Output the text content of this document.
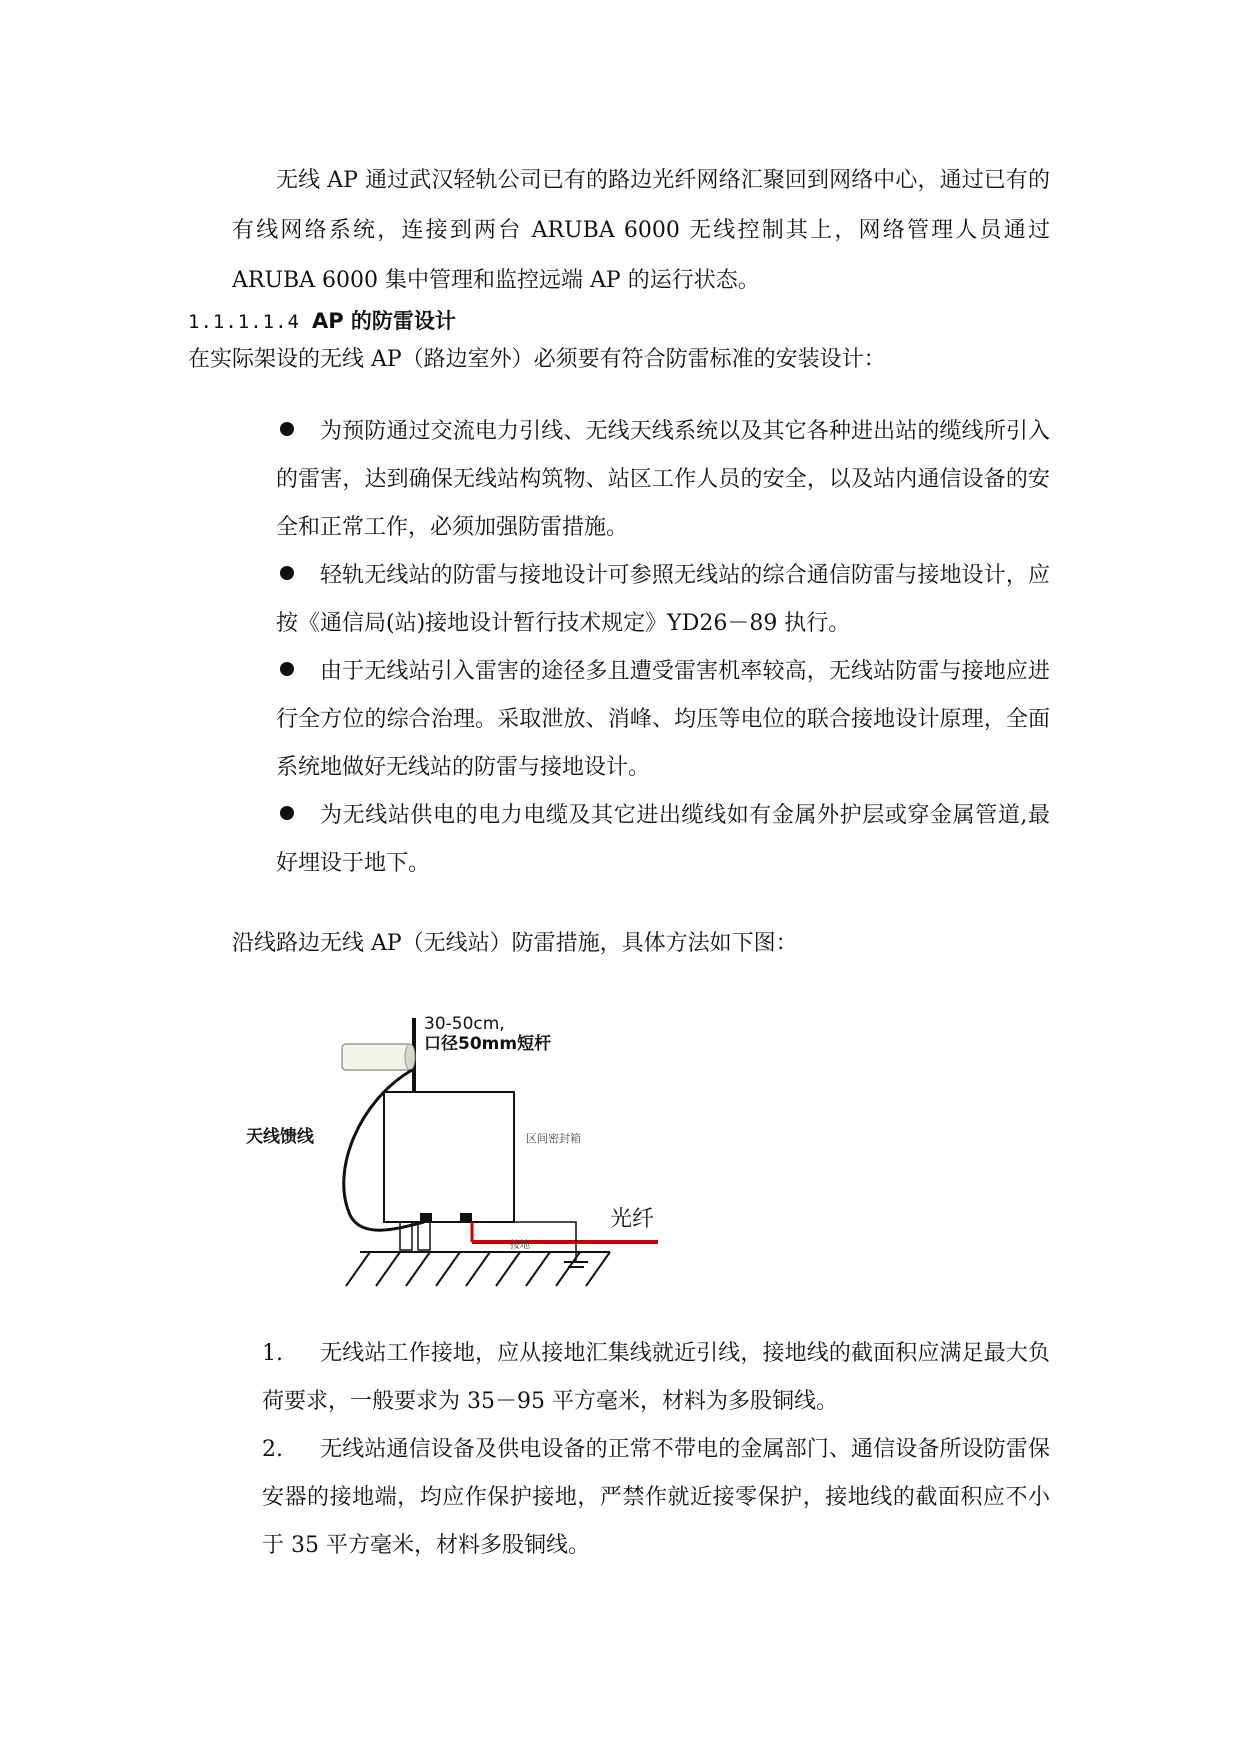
无线 AP 通过武汉轻轨公司已有的路边光纤网络汇聚回到网络中心，通过已有的有线网络系统，连接到两台 ARUBA 6000 无线控制其上，网络管理人员通过 ARUBA 6000 集中管理和监控远端 AP 的运行状态。

1.1.1.1.4 AP 的防雷设计

在实际架设的无线 AP（路边室外）必须要有符合防雷标准的安装设计：

为预防通过交流电力引线、无线天线系统以及其它各种进出站的缆线所引入的雷害，达到确保无线站构筑物、站区工作人员的安全，以及站内通信设备的安全和正常工作，必须加强防雷措施。
轻轨无线站的防雷与接地设计可参照无线站的综合通信防雷与接地设计，应按《通信局(站)接地设计暂行技术规定》YD26－89 执行。
由于无线站引入雷害的途径多且遭受雷害机率较高，无线站防雷与接地应进行全方位的综合治理。采取泄放、消峰、均压等电位的联合接地设计原理，全面系统地做好无线站的防雷与接地设计。
为无线站供电的电力电缆及其它进出缆线如有金属外护层或穿金属管道,最好埋设于地下。

沿线路边无线 AP（无线站）防雷措施，具体方法如下图：

30-50cm,
口径50mm短杆
天线馈线	区间密封箱
光纤
接地
1. 无线站工作接地，应从接地汇集线就近引线，接地线的截面积应满足最大负荷要求，一般要求为 35－95 平方毫米，材料为多股铜线。
2. 无线站通信设备及供电设备的正常不带电的金属部门、通信设备所设防雷保安器的接地端，均应作保护接地，严禁作就近接零保护，接地线的截面积应不小于 35 平方毫米，材料多股铜线。
